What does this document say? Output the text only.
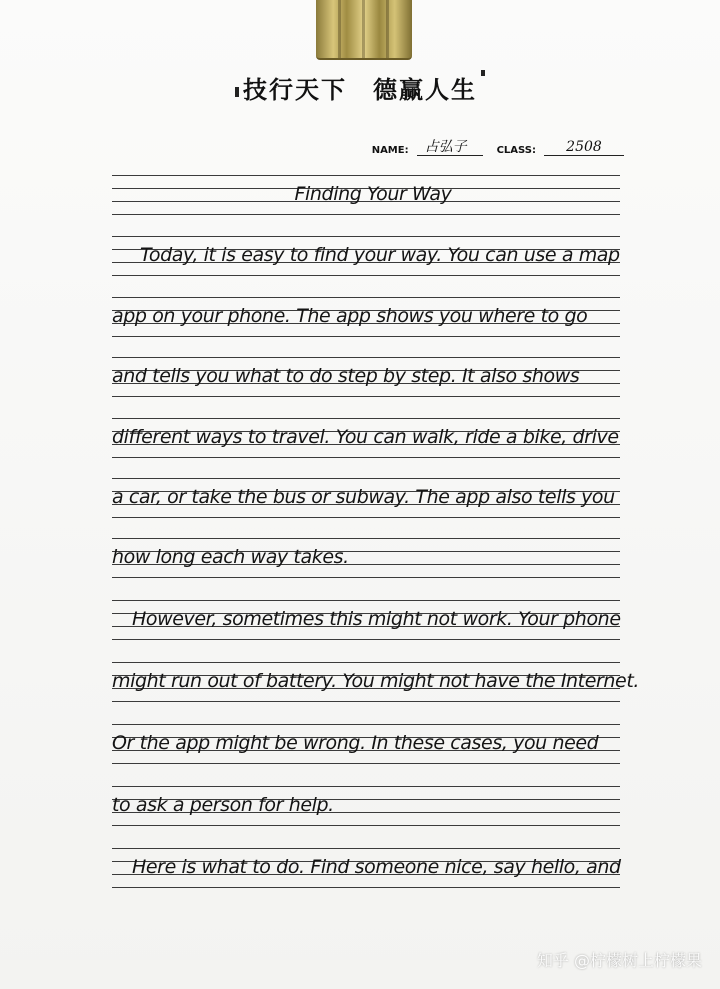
技行天下 德赢人生
NAME:	占弘子	CLASS:	2508
Finding Your Way
Today, it is easy to find your way. You can use a map
app on your phone. The app shows you where to go
and tells you what to do step by step. It also shows
different ways to travel. You can walk, ride a bike, drive
a car, or take the bus or subway. The app also tells you
how long each way takes.
However, sometimes this might not work. Your phone
might run out of battery. You might not have the Internet.
Or the app might be wrong. In these cases, you need
to ask a person for help.
Here is what to do. Find someone nice, say hello, and
知乎 @柠檬树上柠檬果
